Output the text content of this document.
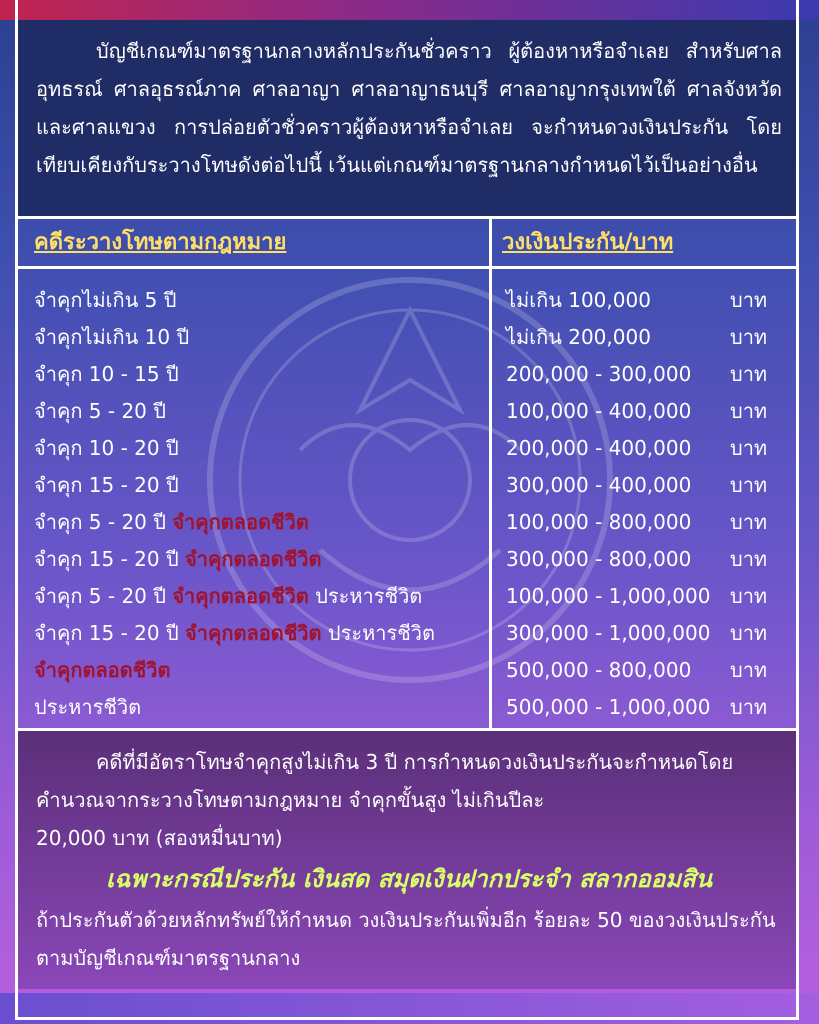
บัญชีเกณฑ์มาตรฐานกลางหลักประกันชั่วคราว ผู้ต้องหาหรือจำเลย สำหรับศาลอุทธรณ์ ศาลอุธรณ์ภาค ศาลอาญา ศาลอาญาธนบุรี ศาลอาญากรุงเทพใต้ ศาลจังหวัดและศาลแขวง การปล่อยตัวชั่วคราวผู้ต้องหาหรือจำเลย จะกำหนดวงเงินประกัน โดยเทียบเคียงกับระวางโทษดังต่อไปนี้ เว้นแต่เกณฑ์มาตรฐานกลางกำหนดไว้เป็นอย่างอื่น

คดีระวางโทษตามกฎหมาย	วงเงินประกัน/บาท
จำคุกไม่เกิน 5 ปี	ไม่เกิน 100,000	บาท
จำคุกไม่เกิน 10 ปี	ไม่เกิน 200,000	บาท
จำคุก 10 - 15 ปี	200,000 - 300,000 บาท
จำคุก 5 - 20 ปี	100,000 - 400,000 บาท
จำคุก 10 - 20 ปี	200,000 - 400,000 บาท
จำคุก 15 - 20 ปี	300,000 - 400,000 บาท
จำคุก 5 - 20 ปี จำคุกตลอดชีวิต	100,000 - 800,000 บาท
จำคุก 15 - 20 ปี จำคุกตลอดชีวิต	300,000 - 800,000 บาท
จำคุก 5 - 20 ปี จำคุกตลอดชีวิต ประหารชีวิต	100,000 - 1,000,000 บาท
จำคุก 15 - 20 ปี จำคุกตลอดชีวิต ประหารชีวิต	300,000 - 1,000,000 บาท
จำคุกตลอดชีวิต	500,000 - 800,000 บาท
ประหารชีวิต	500,000 - 1,000,000 บาท

คดีที่มีอัตราโทษจำคุกสูงไม่เกิน 3 ปี การกำหนดวงเงินประกันจะกำหนดโดยคำนวณจากระวางโทษตามกฎหมาย จำคุกขั้นสูง ไม่เกินปีละ

20,000 บาท (สองหมื่นบาท)

เฉพาะกรณีประกัน เงินสด สมุดเงินฝากประจำ สลากออมสิน

ถ้าประกันตัวด้วยหลักทรัพย์ให้กำหนด วงเงินประกันเพิ่มอีก ร้อยละ 50 ของวงเงินประกันตามบัญชีเกณฑ์มาตรฐานกลาง
